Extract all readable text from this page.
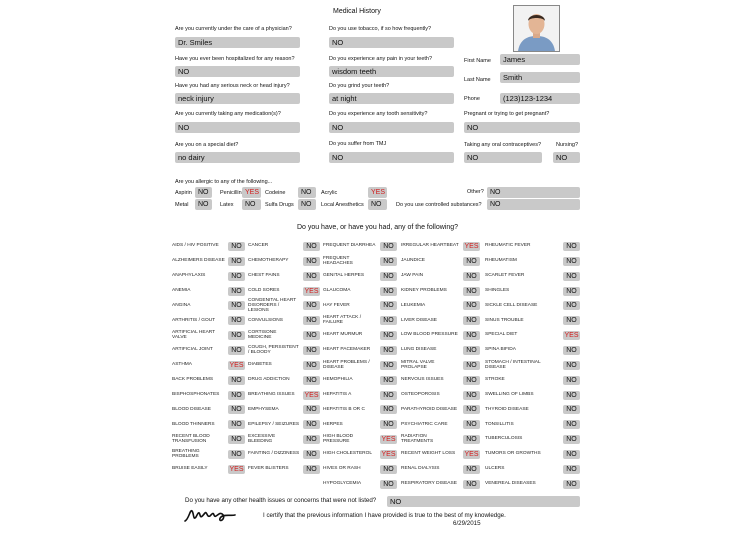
Medical History
Are you currently under the care of a physician?
Dr. Smiles
Do you use tobacco, if so how frequently?
NO
Have you ever been hospitalized for any reason?
NO
Do you experience any pain in your teeth?
wisdom teeth
First Name	James
Have you had any serious neck or head injury?
neck injury
Do you grind your teeth?
at night
Last Name	Smith
Phone	(123)123-1234
Are you currently taking any medication(s)?
NO
Do you experience any tooth sensitivity?
NO
Pregnant or trying to get pregnant?
NO
Are you on a special diet?
no dairy
Do you suffer from TMJ
NO
Taking any oral contraceptives?
NO
Nursing?
NO
Are you allergic to any of the following...
Aspirin NO	Penicillin YES	Codeine	NO	Acrylic	YES
Metal	NO	Latex	NO	Sulfa Drugs	NO	Local Anesthetics	NO
Other? NO
Do you use controlled substances?	NO
Do you have, or have you had, any of the following?
AIDS / HIV POSITIVE	NO
ALZHEIMERS DISEASE NO
ANAPHYLAXIS	NO
ANEMIA	NO
ANGINA	NO
ARTHRITIS / GOUT	NO
ARTIFICIAL HEART VALVE	NO
ARTIFICIAL JOINT	NO
ASTHMA	YES
BACK PROBLEMS	NO
BISPHOSPHONATES	NO
BLOOD DISEASE	NO
BLOOD THINNERS	NO
RECENT BLOOD TRANSFUSION	NO
BREATHING PROBLEMS	NO
BRUISE EASILY	YES
CANCER	NO
CHEMOTHERAPY	NO
CHEST PAINS	NO
COLD SORES	YES
CONGENITAL HEART DISORDERS / LESIONS
NO
CONVULSIONS	NO
CORTISONE MEDICINE	NO
COUGH, PERSISTENT / BLOODY	NO
DIABETES	NO
DRUG ADDICTION	NO
BREATHING ISSUES	YES
EMPHYSEMA	NO
EPILEPSY / SEIZURES	NO
EXCESSIVE BLEEDING	NO
FAINTING / DIZZINESS	NO
FEVER BLISTERS	NO
FREQUENT DIARRHEA	NO
FREQUENT HEADACHES	NO
GENITAL HERPES	NO
GLAUCOMA	NO
HAY FEVER	NO
HEART ATTACK / FAILURE	NO
HEART MURMUR	NO
HEART PACEMAKER	NO
HEART PROBLEMS / DISEASE	NO
HEMOPHILIA	NO
HEPATITIS A	NO
HEPATITIS B OR C	NO
HERPES	NO
HIGH BLOOD PRESSURE	YES
HIGH CHOLESTEROL	YES
HIVES OR RASH	NO
HYPOGLYCEMIA	NO
IRREGULAR HEARTBEAT YES
JAUNDICE	NO
JAW PAIN	NO
KIDNEY PROBLEMS	NO
LEUKEMIA	NO
LIVER DISEASE	NO
LOW BLOOD PRESSURE	NO
LUNG DISEASE	NO
MITRAL VALVE PROLAPSE	NO
NERVOUS ISSUES	NO
OSTEOPOROSIS	NO
PARATHYROID DISEASE	NO
PSYCHIATRIC CARE	NO
RADIATION TREATMENTS	NO
RECENT WEIGHT LOSS	YES
RENAL DIALYSIS	NO
RESPIRATORY DISEASE	NO
RHEUMATIC FEVER	NO
RHEUMATISM	NO
SCARLET FEVER	NO
SHINGLES	NO
SICKLE CELL DISEASE	NO
SINUS TROUBLE	NO
SPECIAL DIET	YES
SPINA BIFIDA	NO
STOMACH / INTESTINAL DISEASE	NO
STROKE	NO
SWELLING OF LIMBS	NO
THYROID DISEASE	NO
TONSILLITIS	NO
TUBERCULOSIS	NO
TUMORS OR GROWTHS	NO
ULCERS	NO
VENEREAL DISEASES	NO
Do you have any other health issues or concerns that were not listed?	NO
I certify that the previous information I have provided is true to the best of my knowledge.
6/29/2015
